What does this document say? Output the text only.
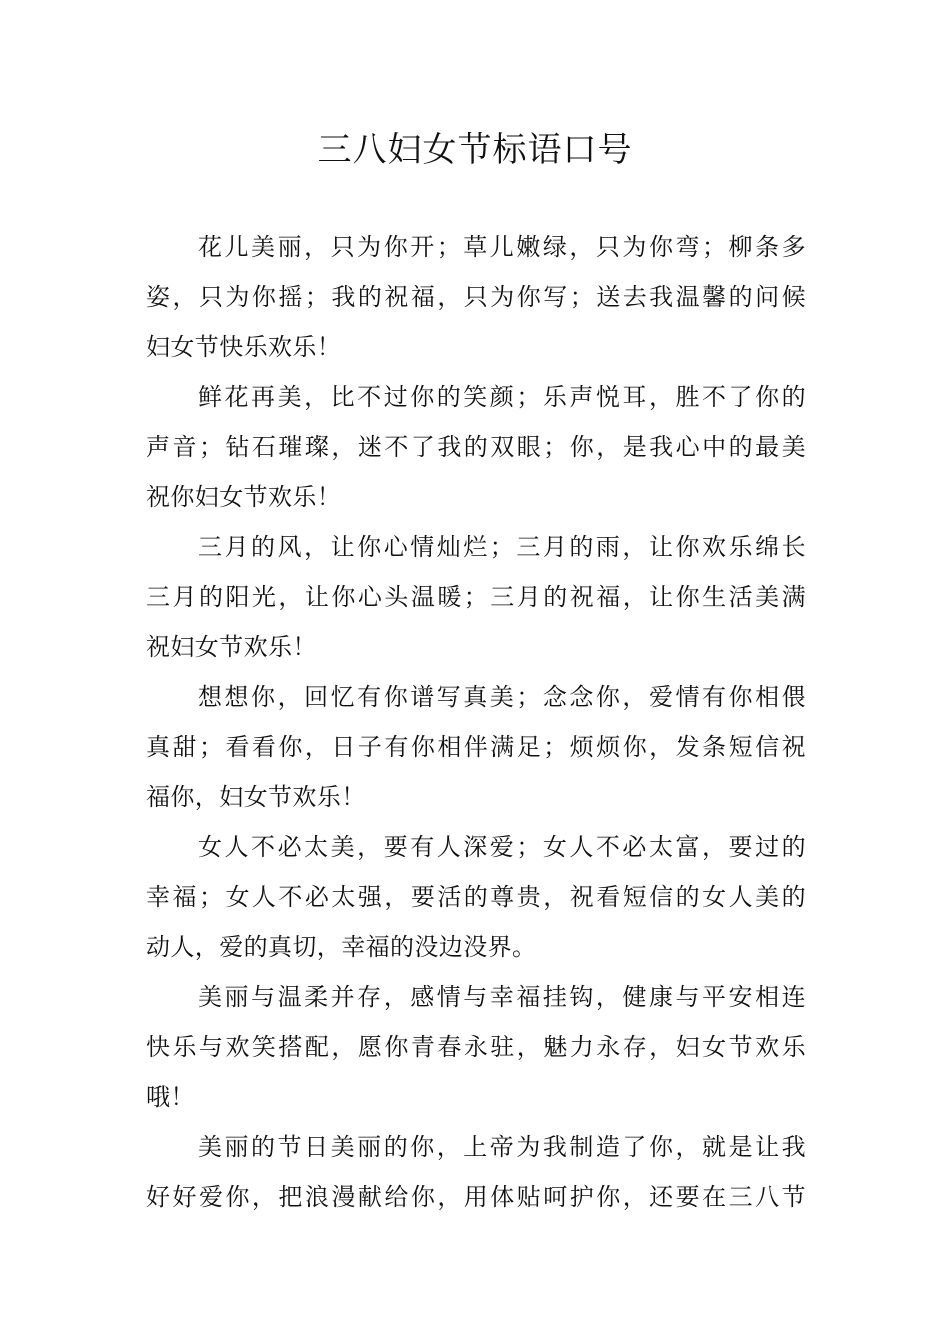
三八妇女节标语口号
花儿美丽，只为你开；草儿嫩绿，只为你弯；柳条多
姿，只为你摇；我的祝福，只为你写；送去我温馨的问候
妇女节快乐欢乐！
鲜花再美，比不过你的笑颜；乐声悦耳，胜不了你的
声音；钻石璀璨，迷不了我的双眼；你，是我心中的最美
祝你妇女节欢乐！
三月的风，让你心情灿烂；三月的雨，让你欢乐绵长
三月的阳光，让你心头温暖；三月的祝福，让你生活美满
祝妇女节欢乐！
想想你，回忆有你谱写真美；念念你，爱情有你相偎
真甜；看看你，日子有你相伴满足；烦烦你，发条短信祝
福你，妇女节欢乐！
女人不必太美，要有人深爱；女人不必太富，要过的
幸福；女人不必太强，要活的尊贵，祝看短信的女人美的
动人，爱的真切，幸福的没边没界。
美丽与温柔并存，感情与幸福挂钩，健康与平安相连
快乐与欢笑搭配，愿你青春永驻，魅力永存，妇女节欢乐
哦！
美丽的节日美丽的你，上帝为我制造了你，就是让我
好好爱你，把浪漫献给你，用体贴呵护你，还要在三八节
